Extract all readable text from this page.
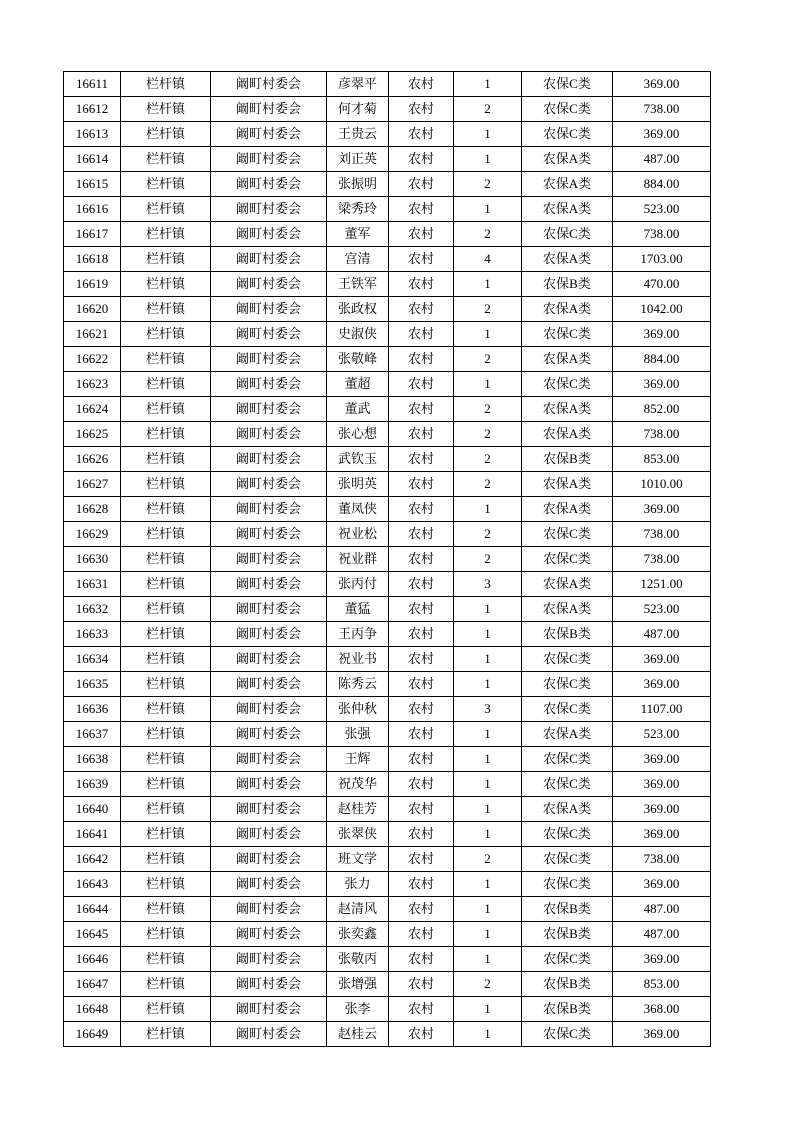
16611	栏杆镇	阚町村委会	彦翠平	农村	1	农保C类	369.00
16612	栏杆镇	阚町村委会	何才菊	农村	2	农保C类	738.00
16613	栏杆镇	阚町村委会	王贵云	农村	1	农保C类	369.00
16614	栏杆镇	阚町村委会	刘正英	农村	1	农保A类	487.00
16615	栏杆镇	阚町村委会	张振明	农村	2	农保A类	884.00
16616	栏杆镇	阚町村委会	梁秀玲	农村	1	农保A类	523.00
16617	栏杆镇	阚町村委会	董军	农村	2	农保C类	738.00
16618	栏杆镇	阚町村委会	宫清	农村	4	农保A类	1703.00
16619	栏杆镇	阚町村委会	王铁军	农村	1	农保B类	470.00
16620	栏杆镇	阚町村委会	张政权	农村	2	农保A类	1042.00
16621	栏杆镇	阚町村委会	史淑侠	农村	1	农保C类	369.00
16622	栏杆镇	阚町村委会	张敬峰	农村	2	农保A类	884.00
16623	栏杆镇	阚町村委会	董超	农村	1	农保C类	369.00
16624	栏杆镇	阚町村委会	董武	农村	2	农保A类	852.00
16625	栏杆镇	阚町村委会	张心想	农村	2	农保A类	738.00
16626	栏杆镇	阚町村委会	武钦玉	农村	2	农保B类	853.00
16627	栏杆镇	阚町村委会	张明英	农村	2	农保A类	1010.00
16628	栏杆镇	阚町村委会	董凤侠	农村	1	农保A类	369.00
16629	栏杆镇	阚町村委会	祝业松	农村	2	农保C类	738.00
16630	栏杆镇	阚町村委会	祝业群	农村	2	农保C类	738.00
16631	栏杆镇	阚町村委会	张丙付	农村	3	农保A类	1251.00
16632	栏杆镇	阚町村委会	董猛	农村	1	农保A类	523.00
16633	栏杆镇	阚町村委会	王丙争	农村	1	农保B类	487.00
16634	栏杆镇	阚町村委会	祝业书	农村	1	农保C类	369.00
16635	栏杆镇	阚町村委会	陈秀云	农村	1	农保C类	369.00
16636	栏杆镇	阚町村委会	张仲秋	农村	3	农保C类	1107.00
16637	栏杆镇	阚町村委会	张强	农村	1	农保A类	523.00
16638	栏杆镇	阚町村委会	王辉	农村	1	农保C类	369.00
16639	栏杆镇	阚町村委会	祝茂华	农村	1	农保C类	369.00
16640	栏杆镇	阚町村委会	赵桂芳	农村	1	农保A类	369.00
16641	栏杆镇	阚町村委会	张翠侠	农村	1	农保C类	369.00
16642	栏杆镇	阚町村委会	班文学	农村	2	农保C类	738.00
16643	栏杆镇	阚町村委会	张力	农村	1	农保C类	369.00
16644	栏杆镇	阚町村委会	赵清风	农村	1	农保B类	487.00
16645	栏杆镇	阚町村委会	张奕鑫	农村	1	农保B类	487.00
16646	栏杆镇	阚町村委会	张敬丙	农村	1	农保C类	369.00
16647	栏杆镇	阚町村委会	张增强	农村	2	农保B类	853.00
16648	栏杆镇	阚町村委会	张李	农村	1	农保B类	368.00
16649	栏杆镇	阚町村委会	赵桂云	农村	1	农保C类	369.00
